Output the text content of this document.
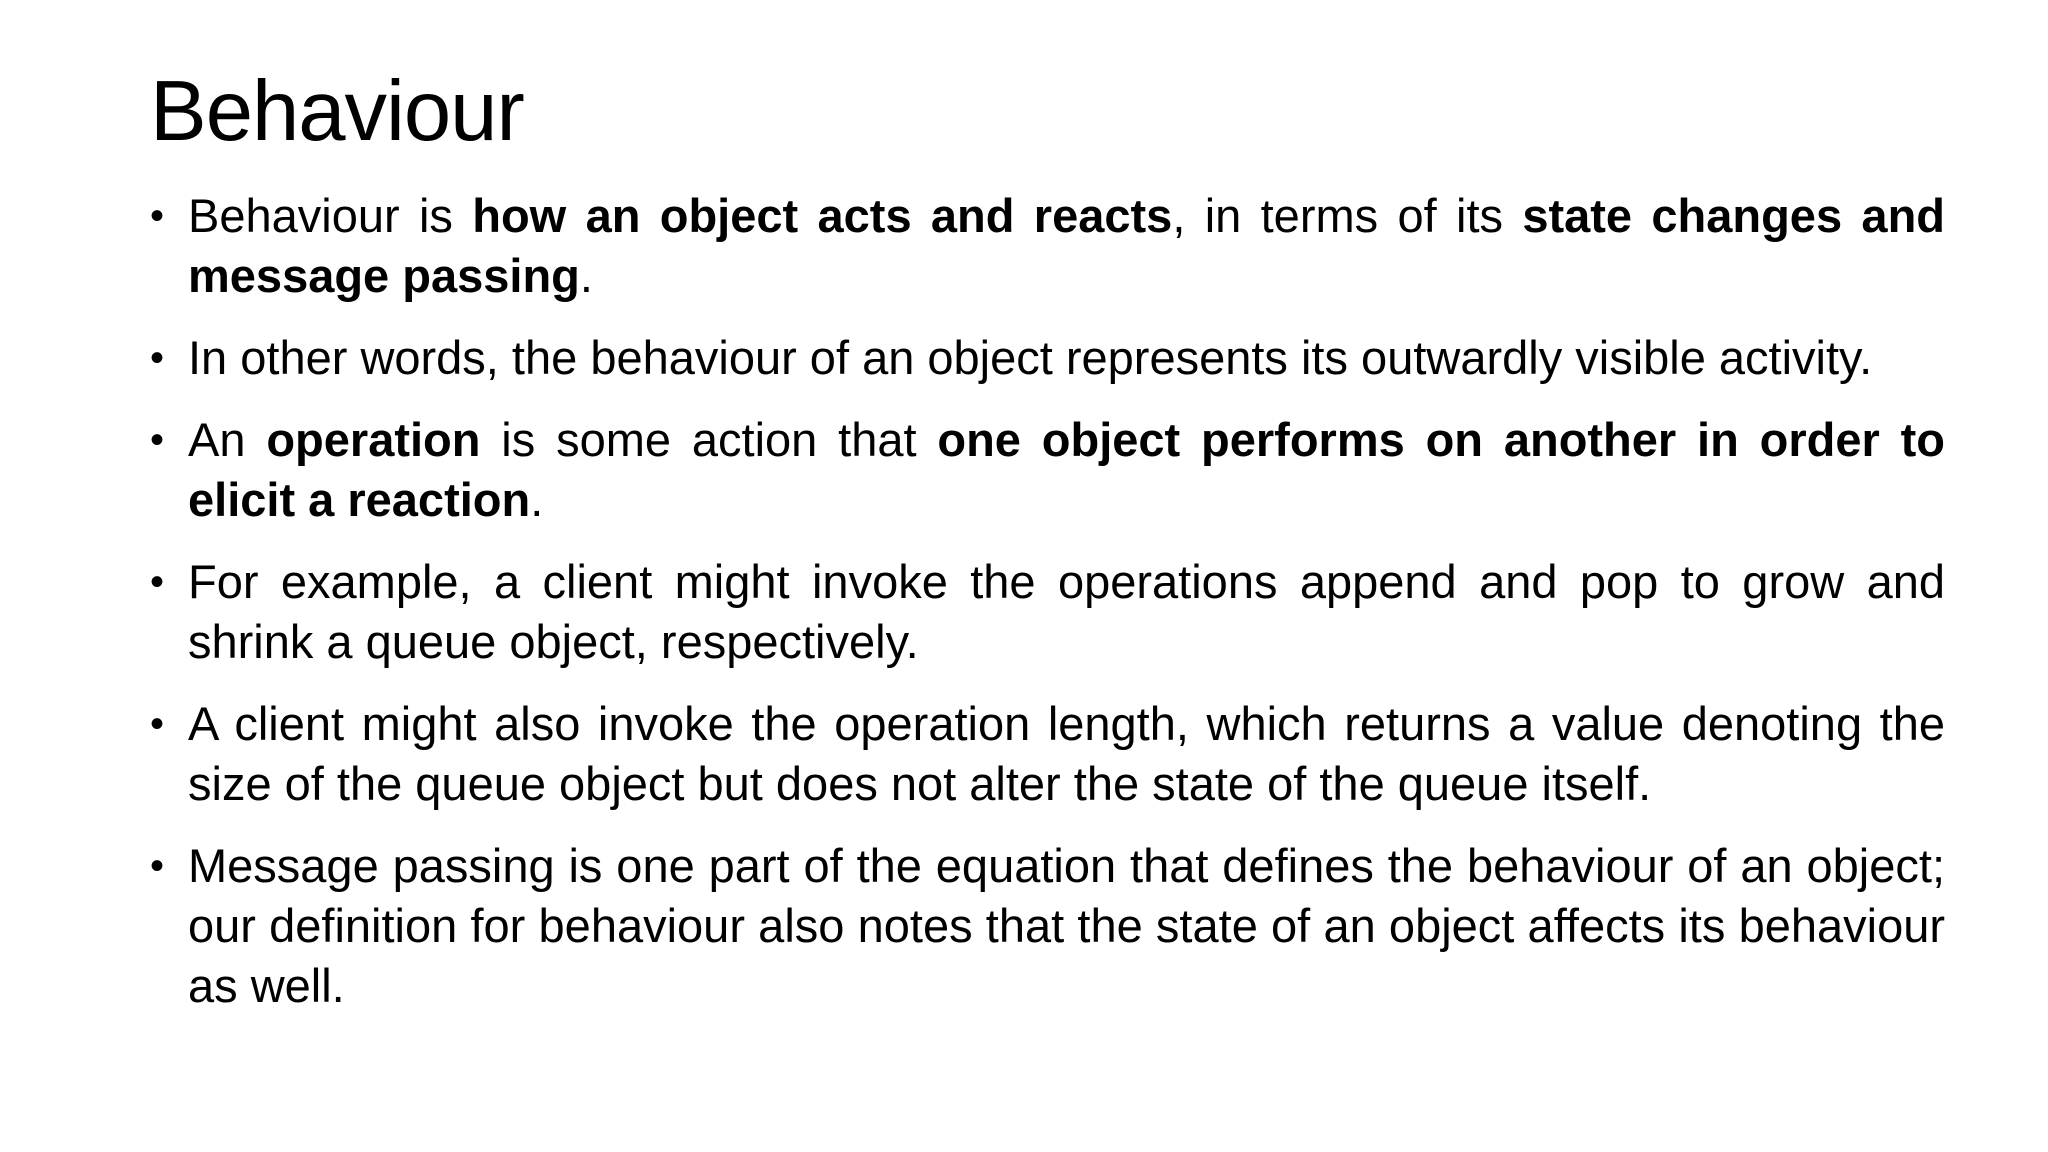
Behaviour
• Behaviour is how an object acts and reacts, in terms of its state changes and message passing.
• In other words, the behaviour of an object represents its outwardly visible activity.
• An operation is some action that one object performs on another in order to elicit a reaction.
• For example, a client might invoke the operations append and pop to grow and shrink a queue object, respectively.
• A client might also invoke the operation length, which returns a value denoting the size of the queue object but does not alter the state of the queue itself.
• Message passing is one part of the equation that defines the behaviour of an object; our definition for behaviour also notes that the state of an object affects its behaviour as well.
